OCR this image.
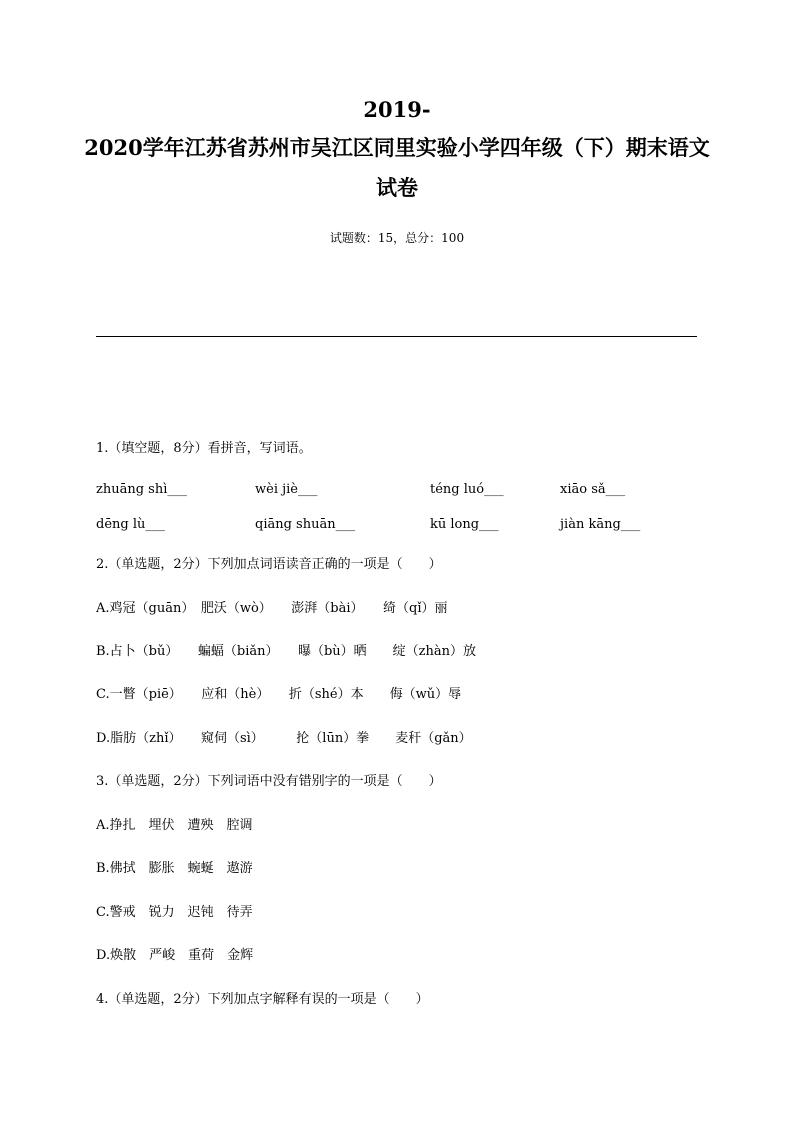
2019-
2020学年江苏省苏州市吴江区同里实验小学四年级（下）期末语文
试卷
试题数：15，总分：100
1.（填空题，8分）看拼音，写词语。
zhuāng shì___	wèi jiè___	téng luó___	xiāo sǎ___
dēng lù___	qiāng shuān___	kū long___	jiàn kāng___
2.（单选题，2分）下列加点词语读音正确的一项是（　　）
A.鸡冠（guān）　肥沃（wò）　　澎湃（bài）　　绮（qǐ）丽
B.占卜（bǔ）　　蝙蝠（biǎn）　　曝（bù）晒　　绽（zhàn）放
C.一瞥（piē）　　应和（hè）　　折（shé）本　　侮（wǔ）辱
D.脂肪（zhǐ）　　窥伺（sì）　　　抡（lūn）拳　　麦秆（gǎn）
3.（单选题，2分）下列词语中没有错别字的一项是（　　）
A.挣扎　埋伏　遭殃　腔调
B.佛拭　膨胀　蜿蜒　遨游
C.警戒　锐力　迟钝　待弄
D.焕散　严峻　重荷　金辉
4.（单选题，2分）下列加点字解释有误的一项是（　　）
